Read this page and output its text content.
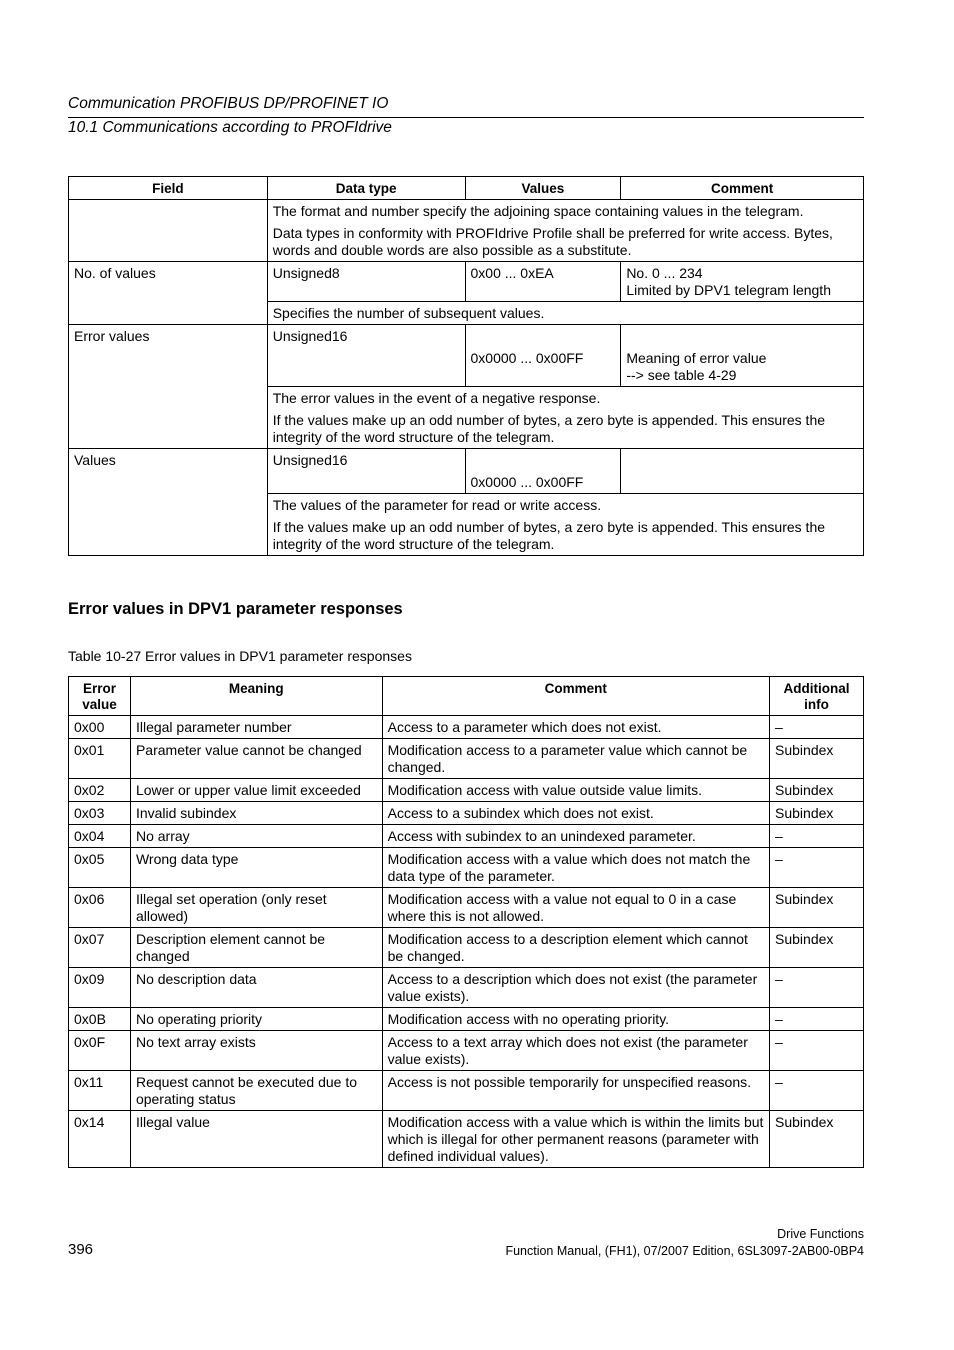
Communication PROFIBUS DP/PROFINET IO
10.1 Communications according to PROFIdrive
Field	Data type	Values	Comment

	The format and number specify the adjoining space containing values in the telegram.
Data types in conformity with PROFIdrive Profile shall be preferred for write access. Bytes, words and double words are also possible as a substitute.		

No. of values	Unsigned8	0x00 ... 0xEA	No. 0 ... 234
Limited by DPV1 telegram length

	Specifies the number of subsequent values.		
Error values	Unsigned16	0x0000 ... 0x00FF	Meaning of error value
--> see table 4-29

	The error values in the event of a negative response.
If the values make up an odd number of bytes, a zero byte is appended. This ensures the integrity of the word structure of the telegram.		

Values	Unsigned16	0x0000 ... 0x00FF	

	The values of the parameter for read or write access.
If the values make up an odd number of bytes, a zero byte is appended. This ensures the integrity of the word structure of the telegram.		
Error values in DPV1 parameter responses
Table 10-27 Error values in DPV1 parameter responses
Error value	Meaning	Comment	Additional info
0x00	Illegal parameter number	Access to a parameter which does not exist.	–
0x01	Parameter value cannot be changed	Modification access to a parameter value which cannot be changed.	Subindex
0x02	Lower or upper value limit exceeded	Modification access with value outside value limits.	Subindex
0x03	Invalid subindex	Access to a subindex which does not exist.	Subindex
0x04	No array	Access with subindex to an unindexed parameter.	–
0x05	Wrong data type	Modification access with a value which does not match the data type of the parameter.	–
0x06	Illegal set operation (only reset allowed)	Modification access with a value not equal to 0 in a case where this is not allowed.	Subindex
0x07	Description element cannot be changed	Modification access to a description element which cannot be changed.	Subindex
0x09	No description data	Access to a description which does not exist (the parameter value exists).	–
0x0B	No operating priority	Modification access with no operating priority.	–
0x0F	No text array exists	Access to a text array which does not exist (the parameter value exists).	–
0x11	Request cannot be executed due to operating status	Access is not possible temporarily for unspecified reasons.	–
0x14	Illegal value	Modification access with a value which is within the limits but which is illegal for other permanent reasons (parameter with defined individual values).	Subindex
Drive Functions
Function Manual, (FH1), 07/2007 Edition, 6SL3097-2AB00-0BP4
396
